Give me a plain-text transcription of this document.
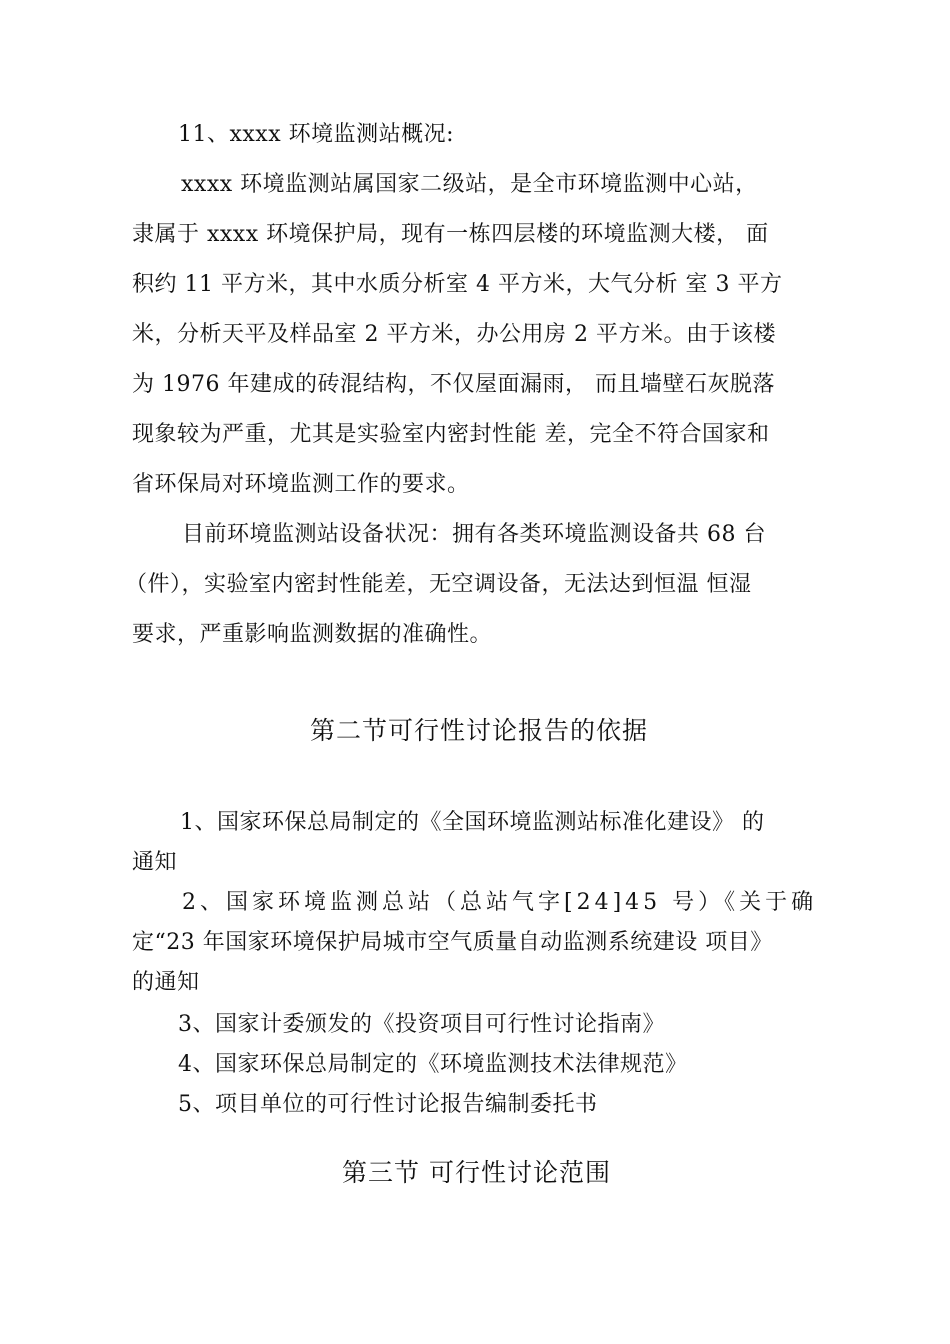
11、xxxx 环境监测站概况:
xxxx 环境监测站属国家二级站，是全市环境监测中心站，
隶属于 xxxx 环境保护局，现有一栋四层楼的环境监测大楼， 面
积约 11 平方米，其中水质分析室 4 平方米，大气分析 室 3 平方
米，分析天平及样品室 2 平方米，办公用房 2 平方米。由于该楼
为 1976 年建成的砖混结构，不仅屋面漏雨， 而且墙壁石灰脱落
现象较为严重，尤其是实验室内密封性能 差，完全不符合国家和
省环保局对环境监测工作的要求。
目前环境监测站设备状况：拥有各类环境监测设备共 68 台
（件），实验室内密封性能差，无空调设备，无法达到恒温 恒湿
要求，严重影响监测数据的准确性。
第二节可行性讨论报告的依据
1、国家环保总局制定的《全国环境监测站标准化建设》 的
通知
2、国家环境监测总站（总站气字[24]45 号）《关于确
定“23 年国家环境保护局城市空气质量自动监测系统建设 项目》
的通知
3、国家计委颁发的《投资项目可行性讨论指南》
4、国家环保总局制定的《环境监测技术法律规范》
5、项目单位的可行性讨论报告编制委托书
第三节 可行性讨论范围
